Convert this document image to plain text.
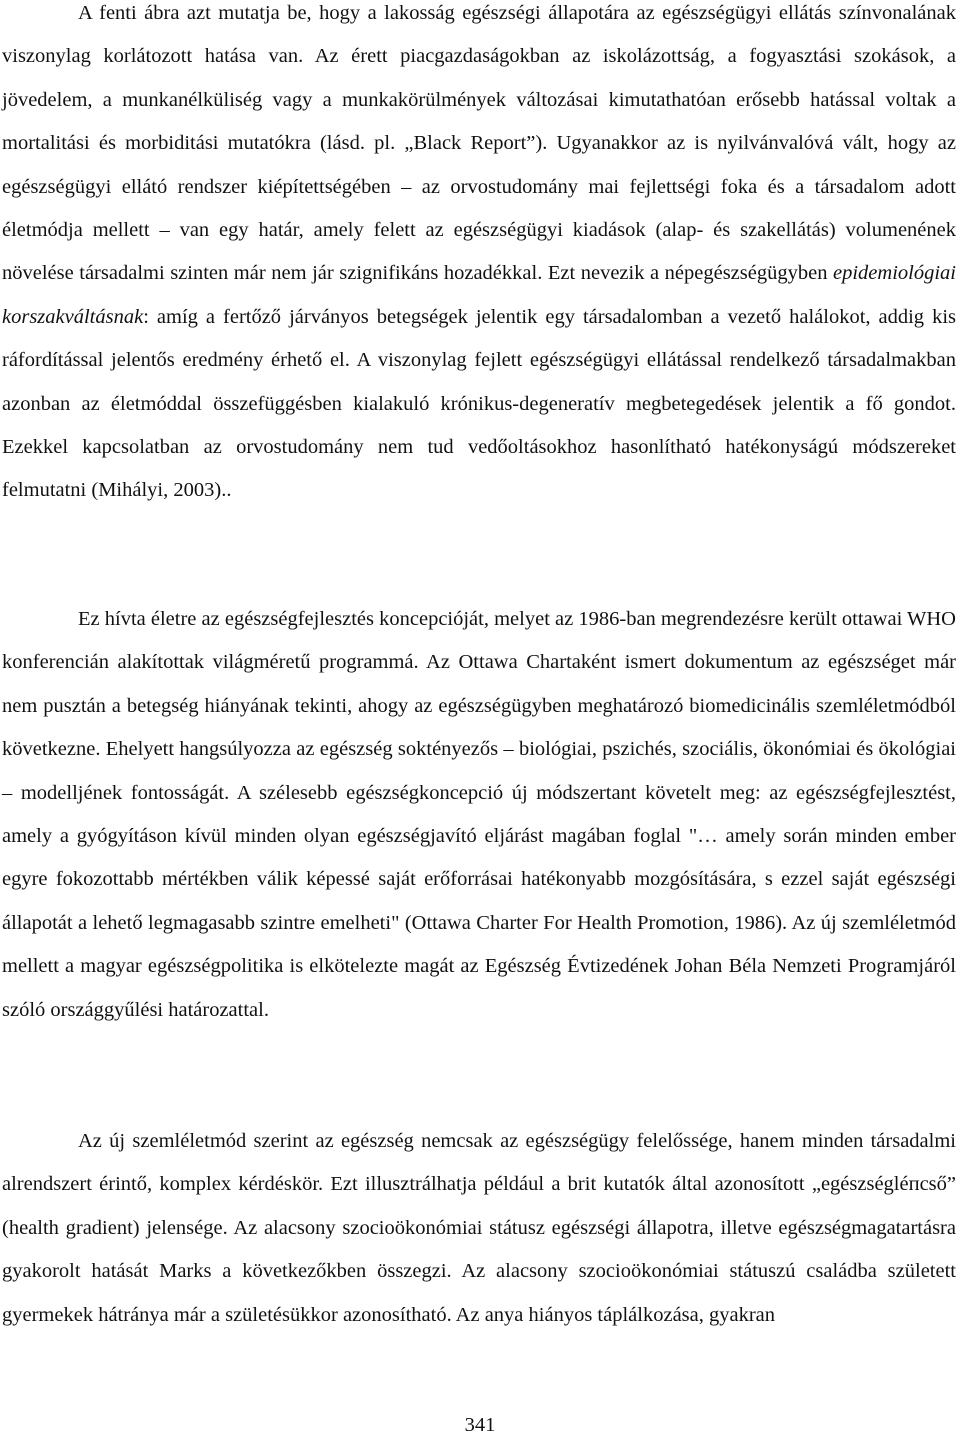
A fenti ábra azt mutatja be, hogy a lakosság egészségi állapotára az egészségügyi ellátás színvonalának viszonylag korlátozott hatása van. Az érett piacgazdaságokban az iskolázottság, a fogyasztási szokások, a jövedelem, a munkanélküliség vagy a munkakörülmények változásai kimutathatóan erősebb hatással voltak a mortalitási és morbiditási mutatókra (lásd. pl. „Black Report”). Ugyanakkor az is nyilvánvalóvá vált, hogy az egészségügyi ellátó rendszer kiépítettségében – az orvostudomány mai fejlettségi foka és a társadalom adott életmódja mellett – van egy határ, amely felett az egészségügyi kiadások (alap- és szakellátás) volumenének növelése társadalmi szinten már nem jár szignifikáns hozadékkal. Ezt nevezik a népegészségügyben epidemiológiai korszakváltásnak: amíg a fertőző járványos betegségek jelentik egy társadalomban a vezető halálokot, addig kis ráfordítással jelentős eredmény érhető el. A viszonylag fejlett egészségügyi ellátással rendelkező társadalmakban azonban az életmóddal összefüggésben kialakuló krónikus-degeneratív megbetegedések jelentik a fő gondot. Ezekkel kapcsolatban az orvostudomány nem tud vedőoltásokhoz hasonlítható hatékonyságú módszereket felmutatni (Mihályi, 2003)..

Ez hívta életre az egészségfejlesztés koncepcióját, melyet az 1986-ban megrendezésre került ottawai WHO konferencián alakítottak világméretű programmá. Az Ottawa Chartaként ismert dokumentum az egészséget már nem pusztán a betegség hiányának tekinti, ahogy az egészségügyben meghatározó biomedicinális szemléletmódból következne. Ehelyett hangsúlyozza az egészség soktényezős – biológiai, pszichés, szociális, ökonómiai és ökológiai – modelljének fontosságát. A szélesebb egészségkoncepció új módszertant követelt meg: az egészségfejlesztést, amely a gyógyításon kívül minden olyan egészségjavító eljárást magában foglal "… amely során minden ember egyre fokozottabb mértékben válik képessé saját erőforrásai hatékonyabb mozgósítására, s ezzel saját egészségi állapotát a lehető legmagasabb szintre emelheti" (Ottawa Charter For Health Promotion, 1986). Az új szemléletmód mellett a magyar egészségpolitika is elkötelezte magát az Egészség Évtizedének Johan Béla Nemzeti Programjáról szóló országgyűlési határozattal.

Az új szemléletmód szerint az egészség nemcsak az egészségügy felelőssége, hanem minden társadalmi alrendszert érintő, komplex kérdéskör. Ezt illusztrálhatja például a brit kutatók által azonosított „egészségléпcső” (health gradient) jelensége. Az alacsony szocioökonómiai státusz egészségi állapotra, illetve egészségmagatartásra gyakorolt hatását Marks a következőkben összegzi. Az alacsony szocioökonómiai státuszú családba született gyermekek hátránya már a születésükkor azonosítható. Az anya hiányos táplálkozása, gyakran

341
